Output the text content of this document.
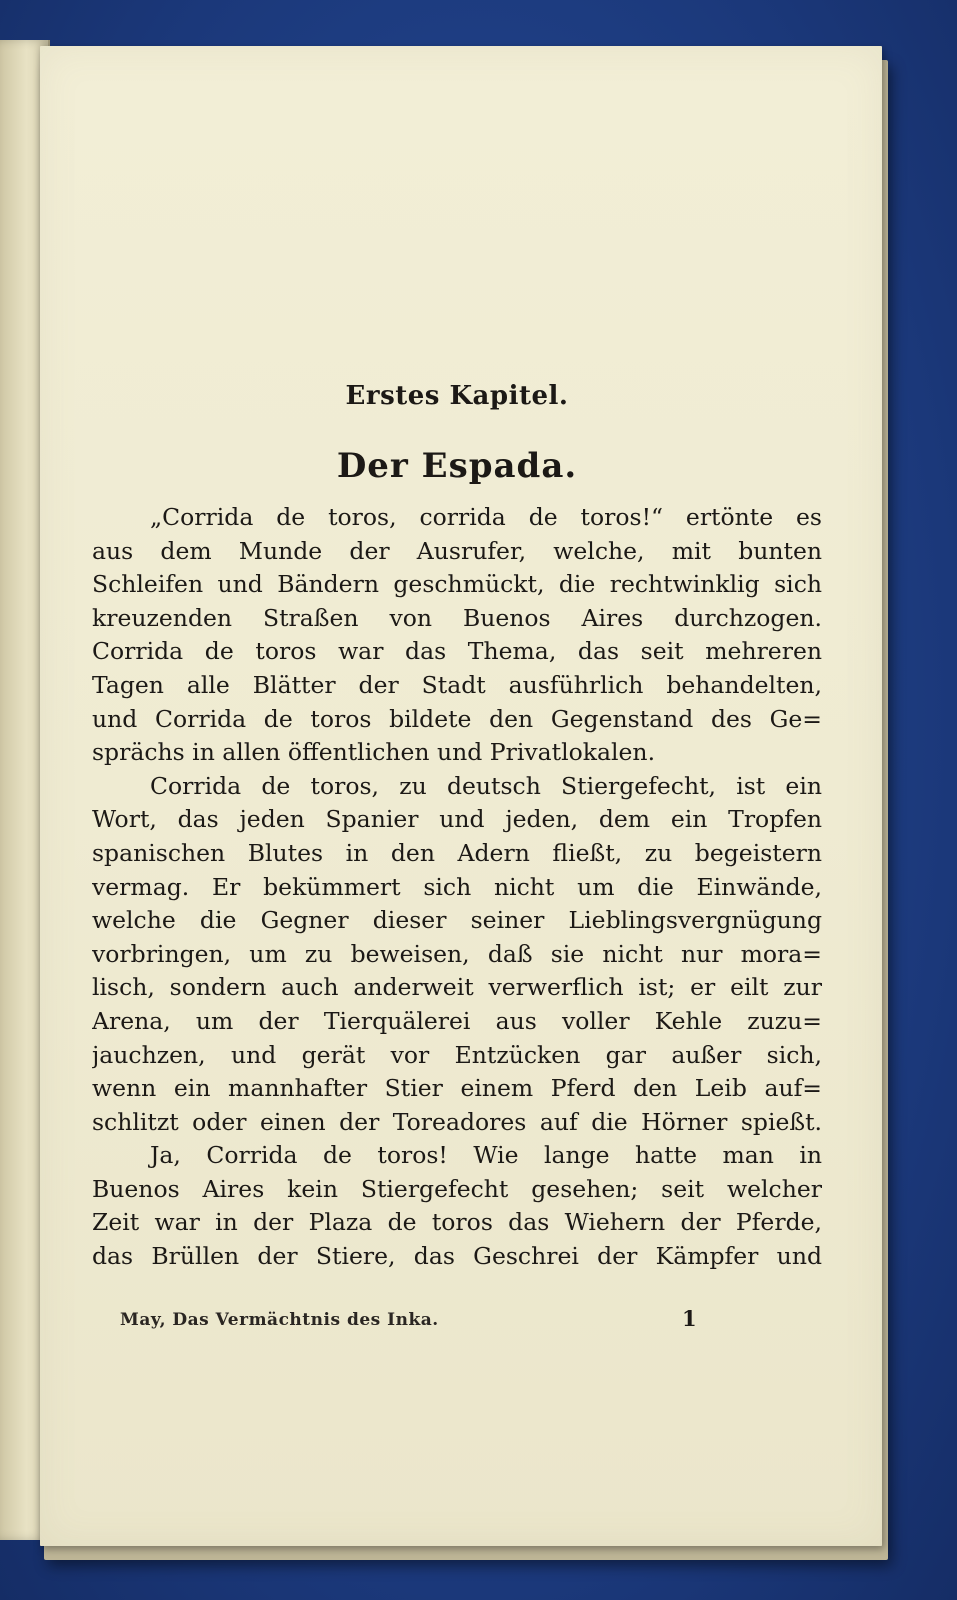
Erstes Kapitel.
Der Espada.
„Corrida de toros, corrida de toros!“ ertönte es
aus dem Munde der Ausrufer, welche, mit bunten
Schleifen und Bändern geschmückt, die rechtwinklig sich
kreuzenden Straßen von Buenos Aires durchzogen.
Corrida de toros war das Thema, das seit mehreren
Tagen alle Blätter der Stadt ausführlich behandelten,
und Corrida de toros bildete den Gegenstand des Ge=
sprächs in allen öffentlichen und Privatlokalen.
Corrida de toros, zu deutsch Stiergefecht, ist ein
Wort, das jeden Spanier und jeden, dem ein Tropfen
spanischen Blutes in den Adern fließt, zu begeistern
vermag. Er bekümmert sich nicht um die Einwände,
welche die Gegner dieser seiner Lieblingsvergnügung
vorbringen, um zu beweisen, daß sie nicht nur mora=
lisch, sondern auch anderweit verwerflich ist; er eilt zur
Arena, um der Tierquälerei aus voller Kehle zuzu=
jauchzen, und gerät vor Entzücken gar außer sich,
wenn ein mannhafter Stier einem Pferd den Leib auf=
schlitzt oder einen der Toreadores auf die Hörner spießt.
Ja, Corrida de toros! Wie lange hatte man in
Buenos Aires kein Stiergefecht gesehen; seit welcher
Zeit war in der Plaza de toros das Wiehern der Pferde,
das Brüllen der Stiere, das Geschrei der Kämpfer und
May, Das Vermächtnis des Inka.	1
